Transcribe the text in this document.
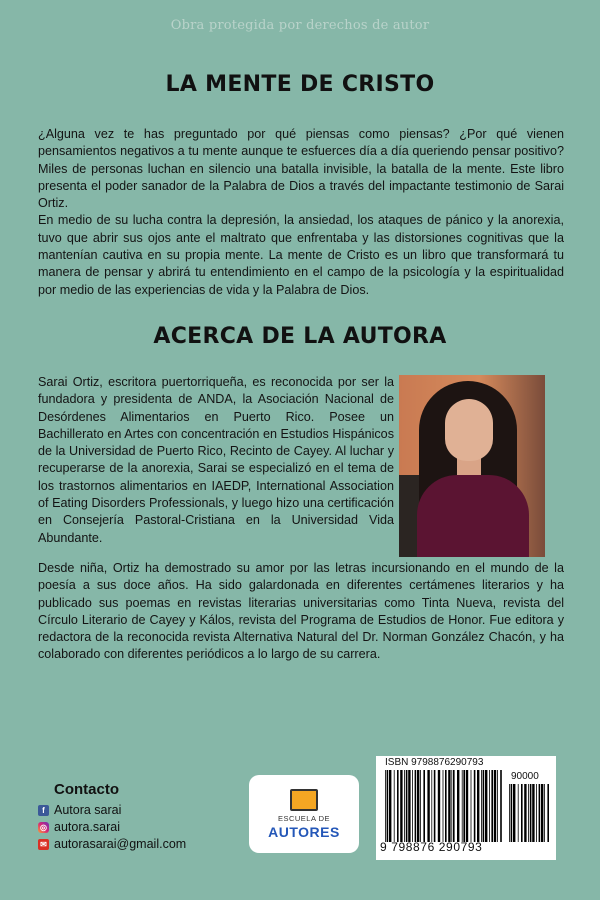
Obra protegida por derechos de autor
LA MENTE DE CRISTO

¿Alguna vez te has preguntado por qué piensas como piensas? ¿Por qué vienen pensamientos negativos a tu mente aunque te esfuerces día a día queriendo pensar positivo? Miles de personas luchan en silencio una batalla invisible, la batalla de la mente. Este libro presenta el poder sanador de la Palabra de Dios a través del impactante testimonio de Sarai Ortiz.
En medio de su lucha contra la depresión, la ansiedad, los ataques de pánico y la anorexia, tuvo que abrir sus ojos ante el maltrato que enfrentaba y las distorsiones cognitivas que la mantenían cautiva en su propia mente. La mente de Cristo es un libro que transformará tu manera de pensar y abrirá tu entendimiento en el campo de la psicología y la espiritualidad por medio de las experiencias de vida y la Palabra de Dios.

ACERCA DE LA AUTORA

Sarai Ortiz, escritora puertorriqueña, es reconocida por ser la fundadora y presidenta de ANDA, la Asociación Nacional de Desórdenes Alimentarios en Puerto Rico. Posee un Bachillerato en Artes con concentración en Estudios Hispánicos de la Universidad de Puerto Rico, Recinto de Cayey. Al luchar y recuperarse de la anorexia, Sarai se especializó en el tema de los trastornos alimentarios en IAEDP, International Association of Eating Disorders Professionals, y luego hizo una certificación en Consejería Pastoral-Cristiana en la Universidad Vida Abundante.

Desde niña, Ortiz ha demostrado su amor por las letras incursionando en el mundo de la poesía a sus doce años. Ha sido galardonada en diferentes certámenes literarios y ha publicado sus poemas en revistas literarias universitarias como Tinta Nueva, revista del Círculo Literario de Cayey y Kálos, revista del Programa de Estudios de Honor. Fue editora y redactora de la reconocida revista Alternativa Natural del Dr. Norman González Chacón, y ha colaborado con diferentes periódicos a lo largo de su carrera.

Contacto
f Autora sarai
◎ autora.sarai
✉ autorasarai@gmail.com
ESCUELA DE
AUTORES
ISBN 9798876290793
90000
9 798876 290793
